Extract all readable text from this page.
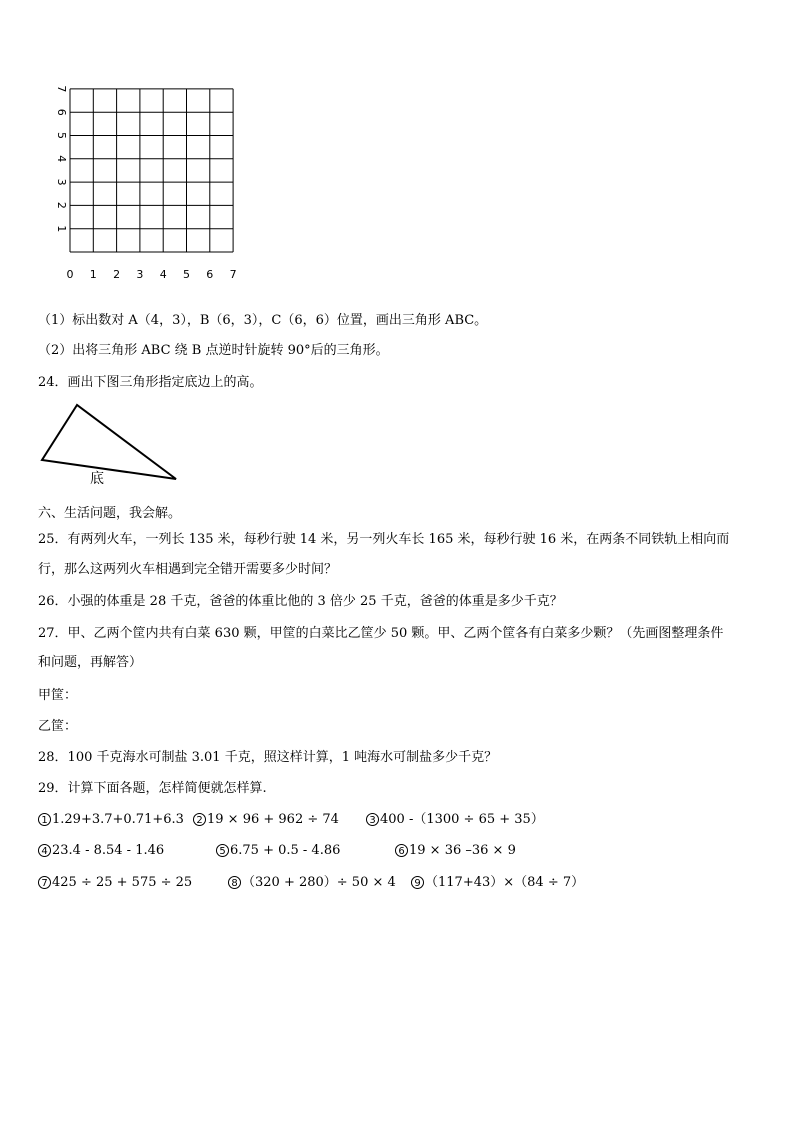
0 1 2 3 4 5 6 7
1
2
3
4
5
6
7
（1）标出数对 A（4，3），B（6，3），C（6，6）位置，画出三角形 ABC。
（2）出将三角形 ABC 绕 B 点逆时针旋转 90°后的三角形。
24．画出下图三角形指定底边上的高。
底
六、生活问题，我会解。
25．有两列火车，一列长 135 米，每秒行驶 14 米，另一列火车长 165 米，每秒行驶 16 米，在两条不同铁轨上相向而
行，那么这两列火车相遇到完全错开需要多少时间？
26．小强的体重是 28 千克，爸爸的体重比他的 3 倍少 25 千克，爸爸的体重是多少千克？
27．甲、乙两个筐内共有白菜 630 颗，甲筐的白菜比乙筐少 50 颗。甲、乙两个筐各有白菜多少颗？（先画图整理条件
和问题，再解答）
甲筐：
乙筐：
28．100 千克海水可制盐 3.01 千克，照这样计算，1 吨海水可制盐多少千克？
29．计算下面各题，怎样简便就怎样算.
1 1.29+3.7+0.71+6.3	2 19 × 96 + 962 ÷ 74	3 400 -（1300 ÷ 65 + 35）
4 23.4 - 8.54 - 1.46	5 6.75 + 0.5 - 4.86	6 19 × 36 –36 × 9
7 425 ÷ 25 + 575 ÷ 25	8 （320 + 280）÷ 50 × 4	9 （117+43）×（84 ÷ 7）
